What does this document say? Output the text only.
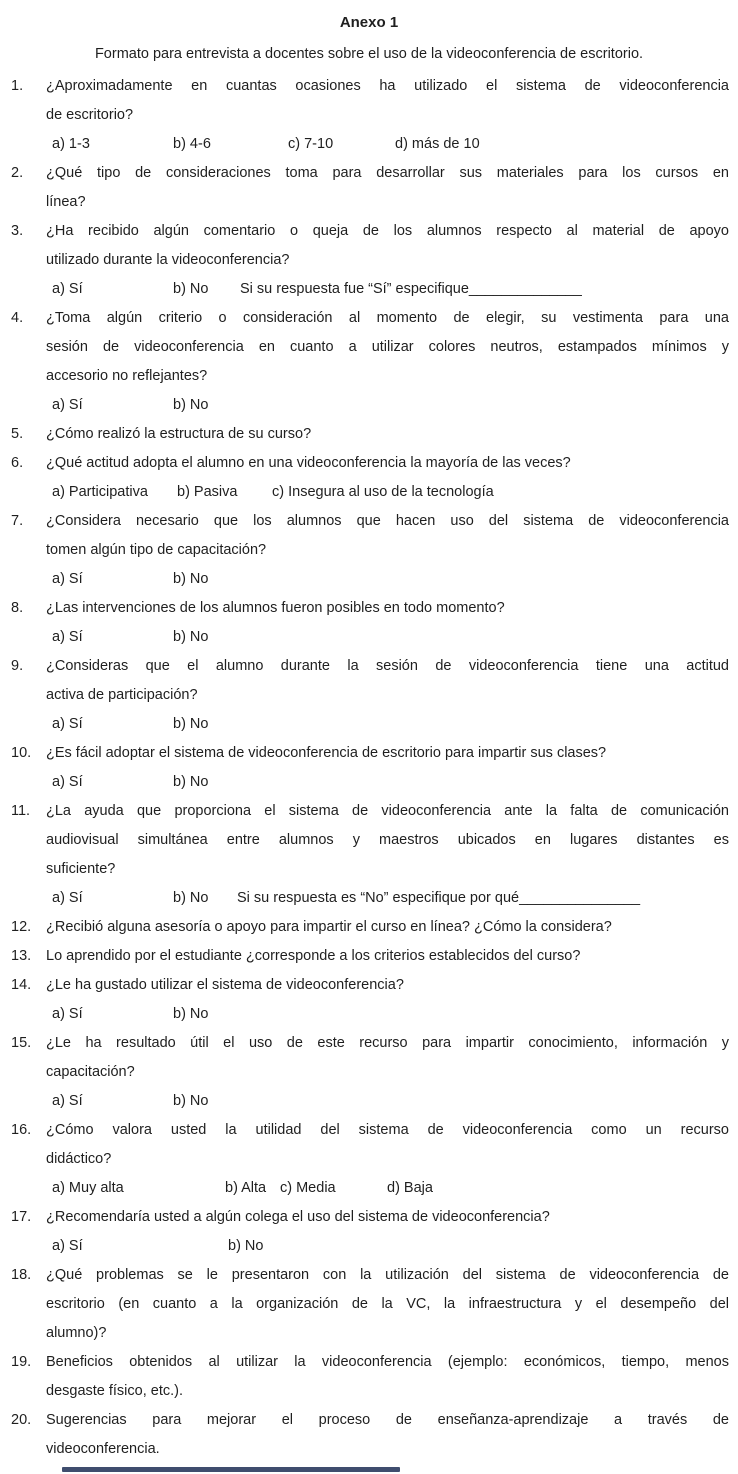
Anexo 1
Formato para entrevista a docentes sobre el uso de la videoconferencia de escritorio.
1.	¿Aproximadamente en cuantas ocasiones ha utilizado el sistema de videoconferencia
de escritorio?
a) 1-3	b) 4-6	c) 7-10	d) más de 10
2.	¿Qué tipo de consideraciones toma para desarrollar sus materiales para los cursos en
línea?
3.	¿Ha recibido algún comentario o queja de los alumnos respecto al material de apoyo
utilizado durante la videoconferencia?
a) Sí	b) No Si su respuesta fue “Sí” especifique______________
4.	¿Toma algún criterio o consideración al momento de elegir, su vestimenta para una
sesión de videoconferencia en cuanto a utilizar colores neutros, estampados mínimos y
accesorio no reflejantes?
a) Sí	b) No
5.	¿Cómo realizó la estructura de su curso?
6.	¿Qué actitud adopta el alumno en una videoconferencia la mayoría de las veces?
a) Participativa b) Pasiva c) Insegura al uso de la tecnología
7.	¿Considera necesario que los alumnos que hacen uso del sistema de videoconferencia
tomen algún tipo de capacitación?
a) Sí	b) No
8.	¿Las intervenciones de los alumnos fueron posibles en todo momento?
a) Sí	b) No
9.	¿Consideras que el alumno durante la sesión de videoconferencia tiene una actitud
activa de participación?
a) Sí	b) No
10.	¿Es fácil adoptar el sistema de videoconferencia de escritorio para impartir sus clases?
a) Sí	b) No
11.	¿La ayuda que proporciona el sistema de videoconferencia ante la falta de comunicación
audiovisual simultánea entre alumnos y maestros ubicados en lugares distantes es
suficiente?
a) Sí	b) No Si su respuesta es “No” especifique por qué_______________
12.	¿Recibió alguna asesoría o apoyo para impartir el curso en línea? ¿Cómo la considera?
13.	Lo aprendido por el estudiante ¿corresponde a los criterios establecidos del curso?
14.	¿Le ha gustado utilizar el sistema de videoconferencia?
a) Sí	b) No
15.	¿Le ha resultado útil el uso de este recurso para impartir conocimiento, información y
capacitación?
a) Sí	b) No
16.	¿Cómo valora usted la utilidad del sistema de videoconferencia como un recurso
didáctico?
a) Muy alta	b) Alta c) Media	d) Baja
17.	¿Recomendaría usted a algún colega el uso del sistema de videoconferencia?
a) Sí	b) No
18.	¿Qué problemas se le presentaron con la utilización del sistema de videoconferencia de
escritorio (en cuanto a la organización de la VC, la infraestructura y el desempeño del
alumno)?
19.	Beneficios obtenidos al utilizar la videoconferencia (ejemplo: económicos, tiempo, menos
desgaste físico, etc.).
20.	Sugerencias para mejorar el proceso de enseñanza-aprendizaje a través de
videoconferencia.
